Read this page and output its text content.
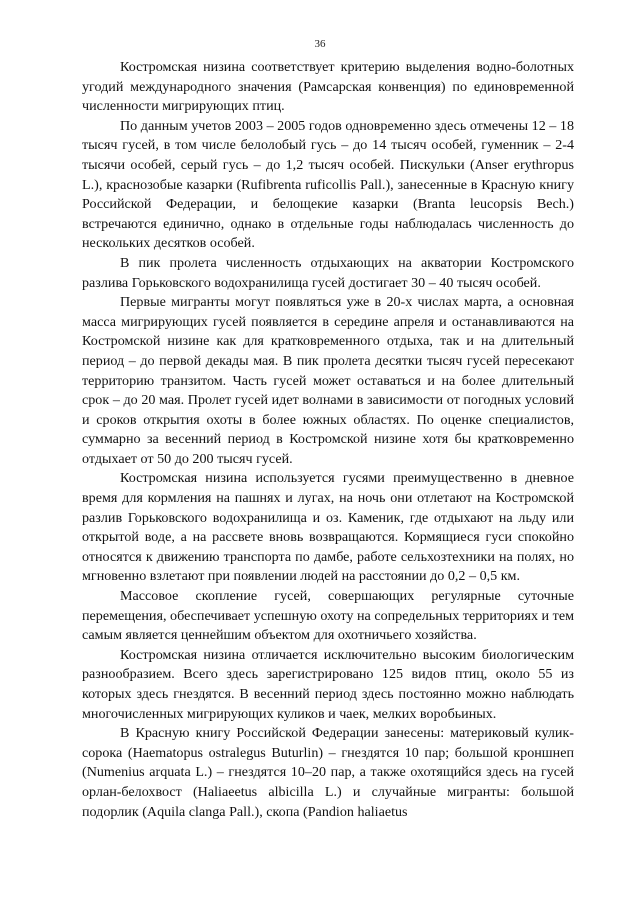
36

Костромская низина соответствует критерию выделения водно-болотных угодий международного значения (Рамсарская конвенция) по единовременной численности мигрирующих птиц.

По данным учетов 2003 – 2005 годов одновременно здесь отмечены 12 – 18 тысяч гусей, в том числе белолобый гусь – до 14 тысяч особей, гуменник – 2-4 тысячи особей, серый гусь – до 1,2 тысяч особей. Пискульки (Anser erythropus L.), краснозобые казарки (Rufibrenta ruficollis Pall.), занесенные в Красную книгу Российской Федерации, и белощекие казарки (Branta leucopsis Bech.) встречаются единично, однако в отдельные годы наблюдалась численность до нескольких десятков особей.

В пик пролета численность отдыхающих на акватории Костромского разлива Горьковского водохранилища гусей достигает 30 – 40 тысяч особей.

Первые мигранты могут появляться уже в 20-х числах марта, а основная масса мигрирующих гусей появляется в середине апреля и останавливаются на Костромской низине как для кратковременного отдыха, так и на длительный период – до первой декады мая. В пик пролета десятки тысяч гусей пересекают территорию транзитом. Часть гусей может оставаться и на более длительный срок – до 20 мая. Пролет гусей идет волнами в зависимости от погодных условий и сроков открытия охоты в более южных областях. По оценке специалистов, суммарно за весенний период в Костромской низине хотя бы кратковременно отдыхает от 50 до 200 тысяч гусей.

Костромская низина используется гусями преимущественно в дневное время для кормления на пашнях и лугах, на ночь они отлетают на Костромской разлив Горьковского водохранилища и оз. Каменик, где отдыхают на льду или открытой воде, а на рассвете вновь возвращаются. Кормящиеся гуси спокойно относятся к движению транспорта по дамбе, работе сельхозтехники на полях, но мгновенно взлетают при появлении людей на расстоянии до 0,2 – 0,5 км.

Массовое скопление гусей, совершающих регулярные суточные перемещения, обеспечивает успешную охоту на сопредельных территориях и тем самым является ценнейшим объектом для охотничьего хозяйства.

Костромская низина отличается исключительно высоким биологическим разнообразием. Всего здесь зарегистрировано 125 видов птиц, около 55 из которых здесь гнездятся. В весенний период здесь постоянно можно наблюдать многочисленных мигрирующих куликов и чаек, мелких воробьиных.

В Красную книгу Российской Федерации занесены: материковый кулик-сорока (Haematopus ostralegus Buturlin) – гнездятся 10 пар; большой кроншнеп (Numenius arquata L.) – гнездятся 10–20 пар, а также охотящийся здесь на гусей орлан-белохвост (Haliaeetus albicilla L.) и случайные мигранты: большой подорлик (Aquila clanga Pall.), скопа (Pandion haliaetus
